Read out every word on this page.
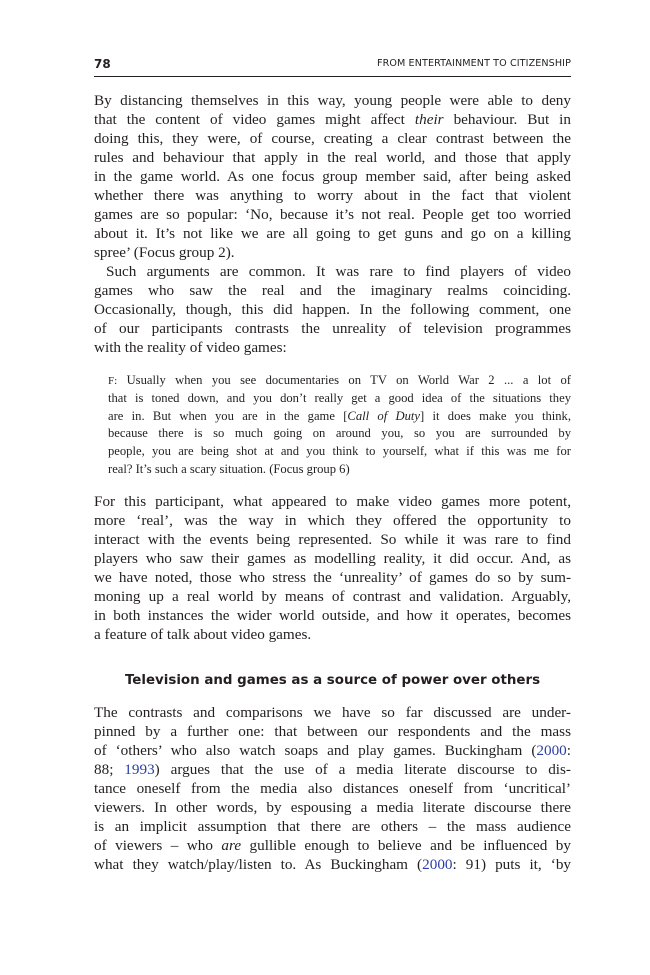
78	FROM ENTERTAINMENT TO CITIZENSHIP
By distancing themselves in this way, young people were able to deny
that the content of video games might affect their behaviour. But in
doing this, they were, of course, creating a clear contrast between the
rules and behaviour that apply in the real world, and those that apply
in the game world. As one focus group member said, after being asked
whether there was anything to worry about in the fact that violent
games are so popular: ‘No, because it’s not real. People get too worried
about it. It’s not like we are all going to get guns and go on a killing
spree’ (Focus group 2).
Such arguments are common. It was rare to find players of video
games who saw the real and the imaginary realms coinciding.
Occasionally, though, this did happen. In the following comment, one
of our participants contrasts the unreality of television programmes
with the reality of video games:
F: Usually when you see documentaries on TV on World War 2 ... a lot of
that is toned down, and you don’t really get a good idea of the situations they
are in. But when you are in the game [Call of Duty] it does make you think,
because there is so much going on around you, so you are surrounded by
people, you are being shot at and you think to yourself, what if this was me for
real? It’s such a scary situation. (Focus group 6)
For this participant, what appeared to make video games more potent,
more ‘real’, was the way in which they offered the opportunity to
interact with the events being represented. So while it was rare to find
players who saw their games as modelling reality, it did occur. And, as
we have noted, those who stress the ‘unreality’ of games do so by sum-
moning up a real world by means of contrast and validation. Arguably,
in both instances the wider world outside, and how it operates, becomes
a feature of talk about video games.
Television and games as a source of power over others
The contrasts and comparisons we have so far discussed are under-
pinned by a further one: that between our respondents and the mass
of ‘others’ who also watch soaps and play games. Buckingham (2000:
88; 1993) argues that the use of a media literate discourse to dis-
tance oneself from the media also distances oneself from ‘uncritical’
viewers. In other words, by espousing a media literate discourse there
is an implicit assumption that there are others – the mass audience
of viewers – who are gullible enough to believe and be influenced by
what they watch/play/listen to. As Buckingham (2000: 91) puts it, ‘by
